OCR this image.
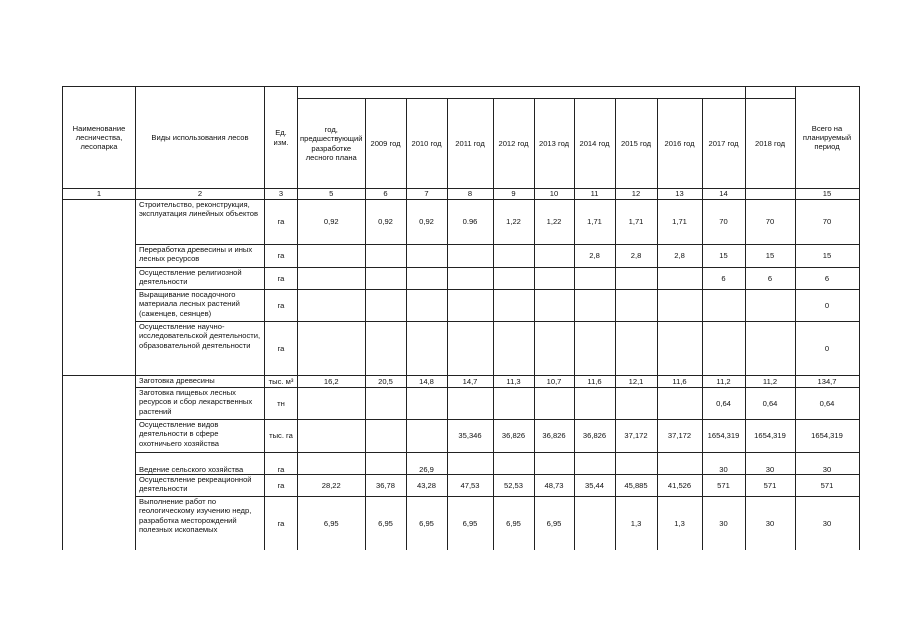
Наименование лесничества, лесопарка	Виды использования лесов	Ед. изм.												Всего на планируемый период
			год, предшествующий разработке лесного плана	2009 год	2010 год	2011 год	2012 год	2013 год	2014 год	2015 год	2016 год	2017 год	2018 год	
1	2	3	5	6	7	8	9	10	11	12	13	14		15
	Строительство, реконструкция, эксплуатация линейных объектов	га	0,92	0,92	0,92	0.96	1,22	1,22	1,71	1,71	1,71	70	70	70
	Переработка древесины и иных лесных ресурсов	га							2,8	2,8	2,8	15	15	15
	Осуществление религиозной деятельности	га										6	6	6
	Выращивание посадочного материала лесных растений (саженцев, сеянцев)	га												0
	Осуществление научно-исследовательской деятельности, образовательной деятельности	га												0
	Заготовка древесины	тыс. м³	16,2	20,5	14,8	14,7	11,3	10,7	11,6	12,1	11,6	11,2	11,2	134,7
	Заготовка пищевых лесных ресурсов и сбор лекарственных растений	тн										0,64	0,64	0,64
	Осуществление видов деятельности в сфере охотничьего хозяйства	тыс. га				35,346	36,826	36,826	36,826	37,172	37,172	1654,319	1654,319	1654,319
	Ведение сельского хозяйства	га			26,9							30	30	30
	Осуществление рекреационной деятельности	га	28,22	36,78	43,28	47,53	52,53	48,73	35,44	45,885	41,526	571	571	571
	Выполнение работ по геологическому изучению недр, разработка месторождений полезных ископаемых	га	6,95	6,95	6,95	6,95	6,95	6,95		1,3	1,3	30	30	30
